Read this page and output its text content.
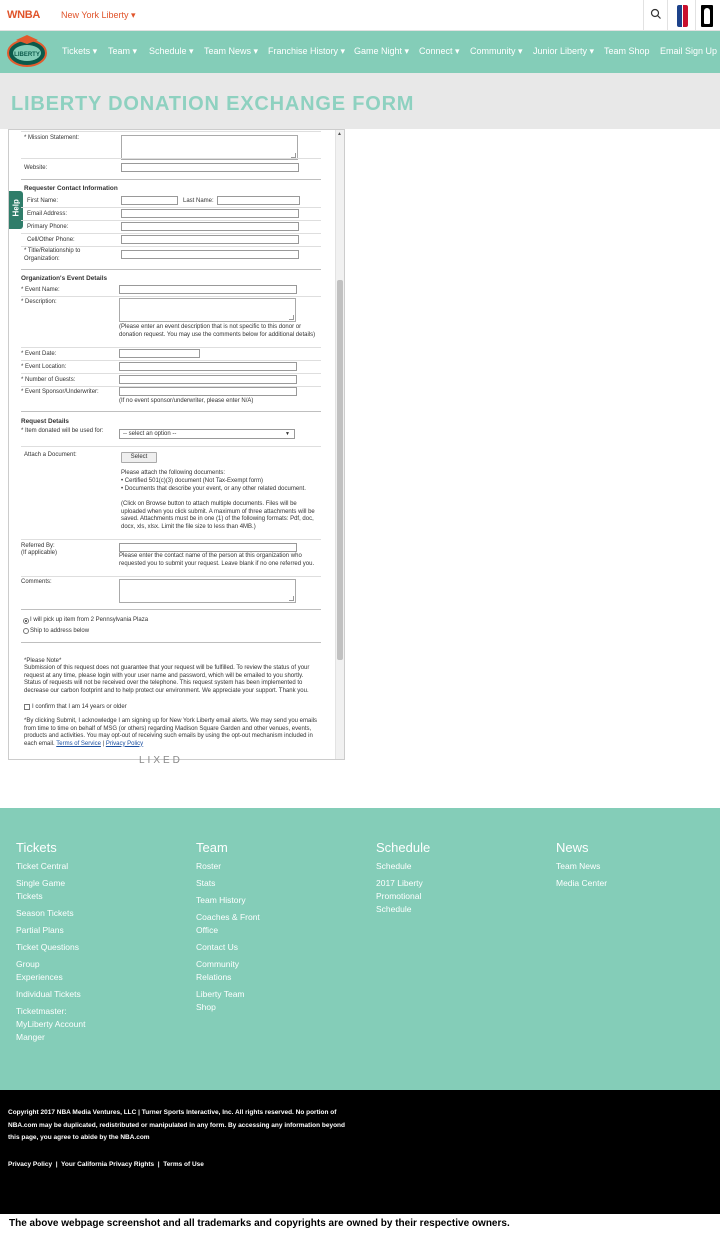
WNBA New York Liberty ▾
LIBERTY Tickets ▾ Team ▾ Schedule ▾ Team News ▾ Franchise History ▾ Game Night ▾ Connect ▾ Community ▾ Junior Liberty ▾ Team Shop Email Sign Up
LIBERTY DONATION EXCHANGE FORM
Help
* Mission Statement:
Website:
Requester Contact Information
First Name:	Last Name:
Email Address:
Primary Phone:
Cell/Other Phone:
* Title/Relationship to Organization:
Organization's Event Details
* Event Name:
* Description:
(Please enter an event description that is not specific to this donor or donation request. You may use the comments below for additional details)
* Event Date:
* Event Location:
* Number of Guests:
* Event Sponsor/Underwriter:
(If no event sponsor/underwriter, please enter N/A)
Request Details
* Item donated will be used for:	-- select an option --	▼
Attach a Document:	Select
Please attach the following documents:
• Certified 501(c)(3) document (Not Tax-Exempt form)
• Documents that describe your event, or any other related document.
(Click on Browse button to attach multiple documents. Files will be uploaded when you click submit. A maximum of three attachments will be saved. Attachments must be in one (1) of the following formats: Pdf, doc, docx, xls, xlsx. Limit the file size to less than 4MB.)
Referred By:
(If applicable)	Please enter the contact name of the person at this organization who requested you to submit your request. Leave blank if no one referred you.
Comments:
I will pick up item from 2 Pennsylvania Plaza
Ship to address below
*Please Note*
Submission of this request does not guarantee that your request will be fulfilled. To review the status of your request at any time, please login with your user name and password, which will be emailed to you shortly. Status of requests will not be received over the telephone. This request system has been implemented to decrease our carbon footprint and to help protect our environment. We appreciate your support. Thank you.
I confirm that I am 14 years or older
*By clicking Submit, I acknowledge I am signing up for New York Liberty email alerts. We may send you emails from time to time on behalf of MSG (or others) regarding Madison Square Garden and other venues, events, products and activities. You may opt-out of receiving such emails by using the opt-out mechanism included in each email. Terms of Service | Privacy Policy
LIXED
▲
Tickets
Ticket Central
Single Game Tickets
Season Tickets
Partial Plans
Ticket Questions
Group Experiences
Individual Tickets
Ticketmaster: MyLiberty Account Manger
Team
Roster
Stats
Team History
Coaches & Front Office
Contact Us
Community Relations
Liberty Team Shop
Schedule
Schedule
2017 Liberty Promotional Schedule
News
Team News
Media Center
Copyright 2017 NBA Media Ventures, LLC | Turner Sports Interactive, Inc. All rights reserved. No portion of NBA.com may be duplicated, redistributed or manipulated in any form. By accessing any information beyond this page, you agree to abide by the NBA.com
Privacy Policy | Your California Privacy Rights | Terms of Use
The above webpage screenshot and all trademarks and copyrights are owned by their respective owners.
